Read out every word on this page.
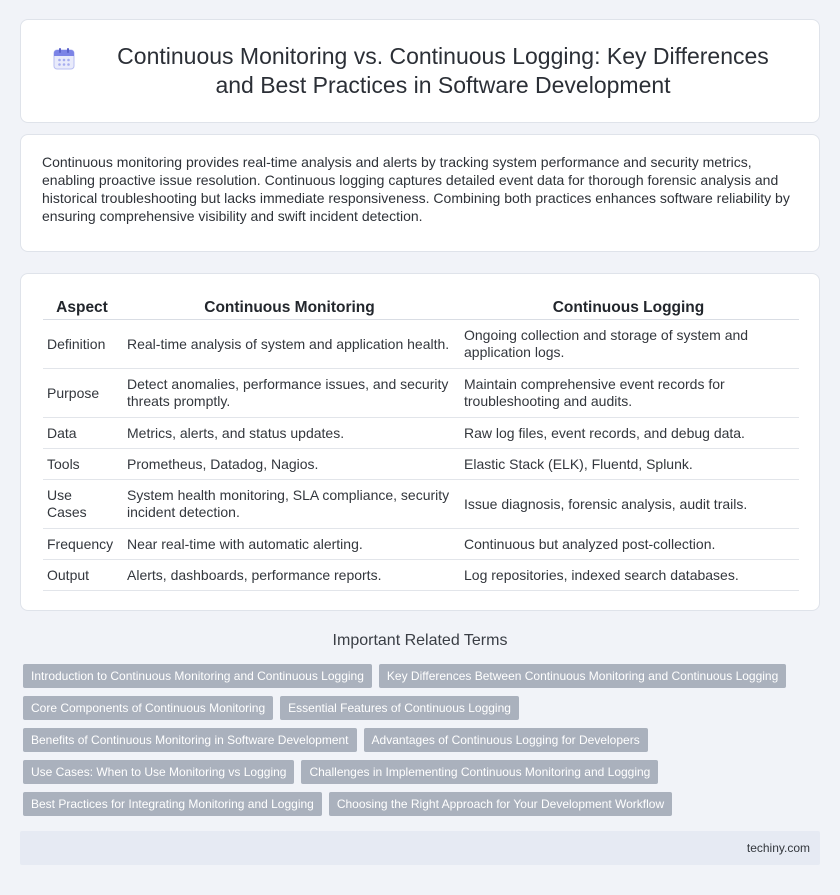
Continuous Monitoring vs. Continuous Logging: Key Differences and Best Practices in Software Development

Continuous monitoring provides real-time analysis and alerts by tracking system performance and security metrics, enabling proactive issue resolution. Continuous logging captures detailed event data for thorough forensic analysis and historical troubleshooting but lacks immediate responsiveness. Combining both practices enhances software reliability by ensuring comprehensive visibility and swift incident detection.

Aspect	Continuous Monitoring	Continuous Logging
Definition	Real-time analysis of system and application health.	Ongoing collection and storage of system and application logs.
Purpose	Detect anomalies, performance issues, and security threats promptly.	Maintain comprehensive event records for troubleshooting and audits.
Data	Metrics, alerts, and status updates.	Raw log files, event records, and debug data.
Tools	Prometheus, Datadog, Nagios.	Elastic Stack (ELK), Fluentd, Splunk.
Use Cases	System health monitoring, SLA compliance, security incident detection.	Issue diagnosis, forensic analysis, audit trails.
Frequency	Near real-time with automatic alerting.	Continuous but analyzed post-collection.
Output	Alerts, dashboards, performance reports.	Log repositories, indexed search databases.
Important Related Terms
Introduction to Continuous Monitoring and Continuous Logging	Key Differences Between Continuous Monitoring and Continuous Logging
Core Components of Continuous Monitoring	Essential Features of Continuous Logging
Benefits of Continuous Monitoring in Software Development	Advantages of Continuous Logging for Developers
Use Cases: When to Use Monitoring vs Logging	Challenges in Implementing Continuous Monitoring and Logging
Best Practices for Integrating Monitoring and Logging	Choosing the Right Approach for Your Development Workflow
techiny.com
